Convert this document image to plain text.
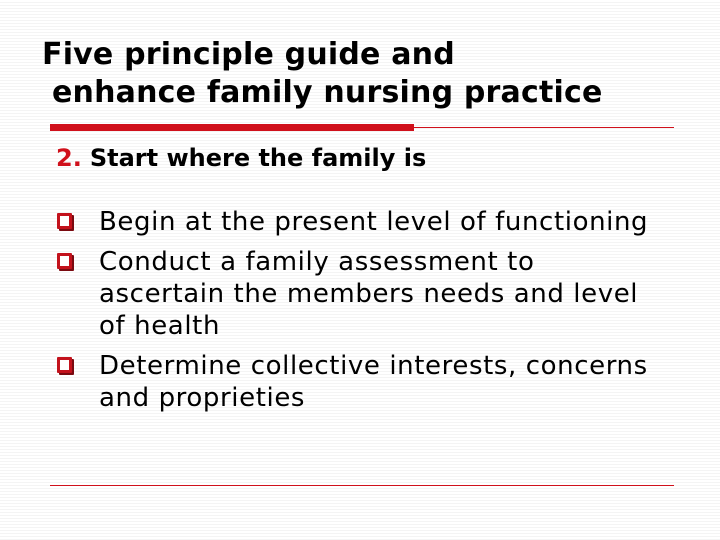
Five principle guide and
enhance family nursing practice
2. Start where the family is
Begin at the present level of functioning
Conduct a family assessment to ascertain the members needs and level of health
Determine collective interests, concerns and proprieties
